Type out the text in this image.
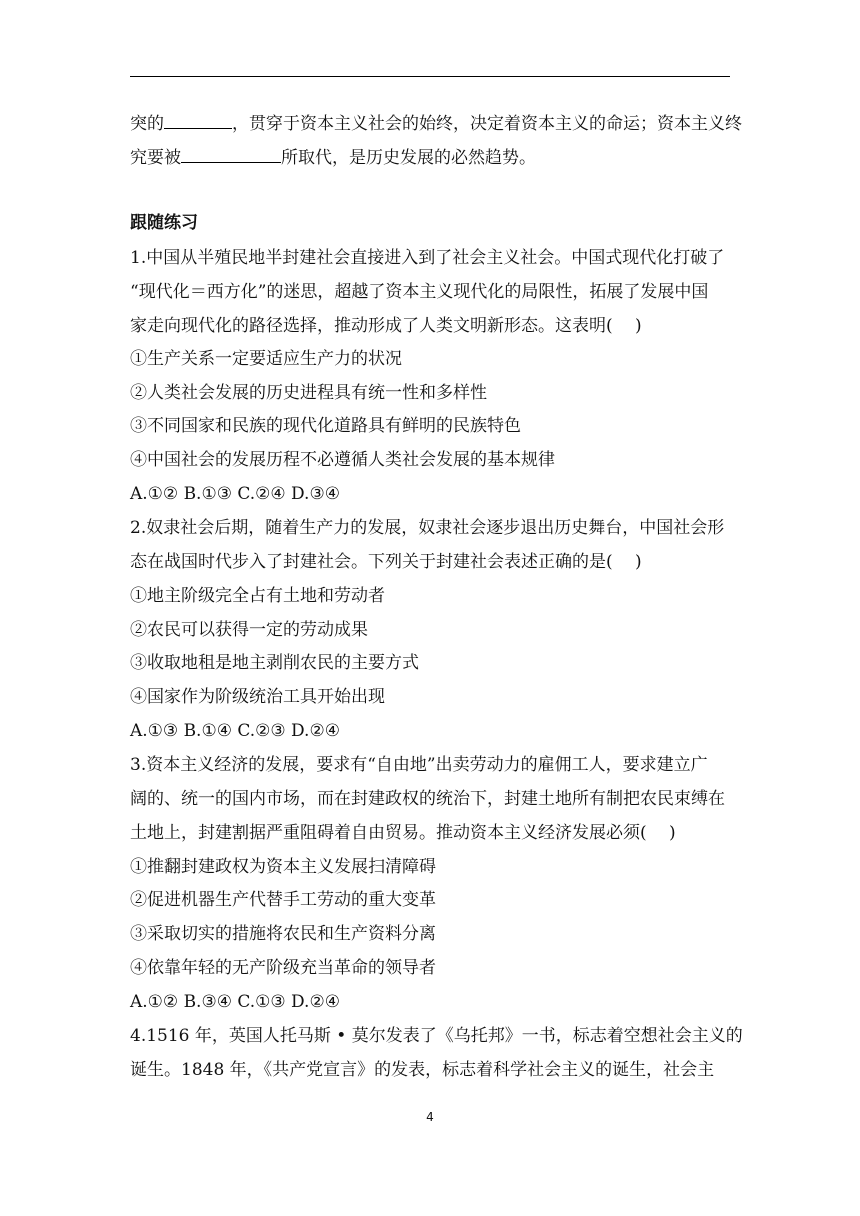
突的	，贯穿于资本主义社会的始终，决定着资本主义的命运；资本主义终
究要被	所取代，是历史发展的必然趋势。
跟随练习
1.中国从半殖民地半封建社会直接进入到了社会主义社会。中国式现代化打破了
“现代化＝西方化”的迷思，超越了资本主义现代化的局限性，拓展了发展中国
家走向现代化的路径选择，推动形成了人类文明新形态。这表明(　 )
①生产关系一定要适应生产力的状况
②人类社会发展的历史进程具有统一性和多样性
③不同国家和民族的现代化道路具有鲜明的民族特色
④中国社会的发展历程不必遵循人类社会发展的基本规律
A.①② B.①③ C.②④ D.③④
2.奴隶社会后期，随着生产力的发展，奴隶社会逐步退出历史舞台，中国社会形
态在战国时代步入了封建社会。下列关于封建社会表述正确的是(　 )
①地主阶级完全占有土地和劳动者
②农民可以获得一定的劳动成果
③收取地租是地主剥削农民的主要方式
④国家作为阶级统治工具开始出现
A.①③ B.①④ C.②③ D.②④
3.资本主义经济的发展，要求有“自由地”出卖劳动力的雇佣工人，要求建立广
阔的、统一的国内市场，而在封建政权的统治下，封建土地所有制把农民束缚在
土地上，封建割据严重阻碍着自由贸易。推动资本主义经济发展必须(　 )
①推翻封建政权为资本主义发展扫清障碍
②促进机器生产代替手工劳动的重大变革
③采取切实的措施将农民和生产资料分离
④依靠年轻的无产阶级充当革命的领导者
A.①② B.③④ C.①③ D.②④
4.1516 年，英国人托马斯 • 莫尔发表了《乌托邦》一书，标志着空想社会主义的
诞生。1848 年，《共产党宣言》的发表，标志着科学社会主义的诞生，社会主
4
